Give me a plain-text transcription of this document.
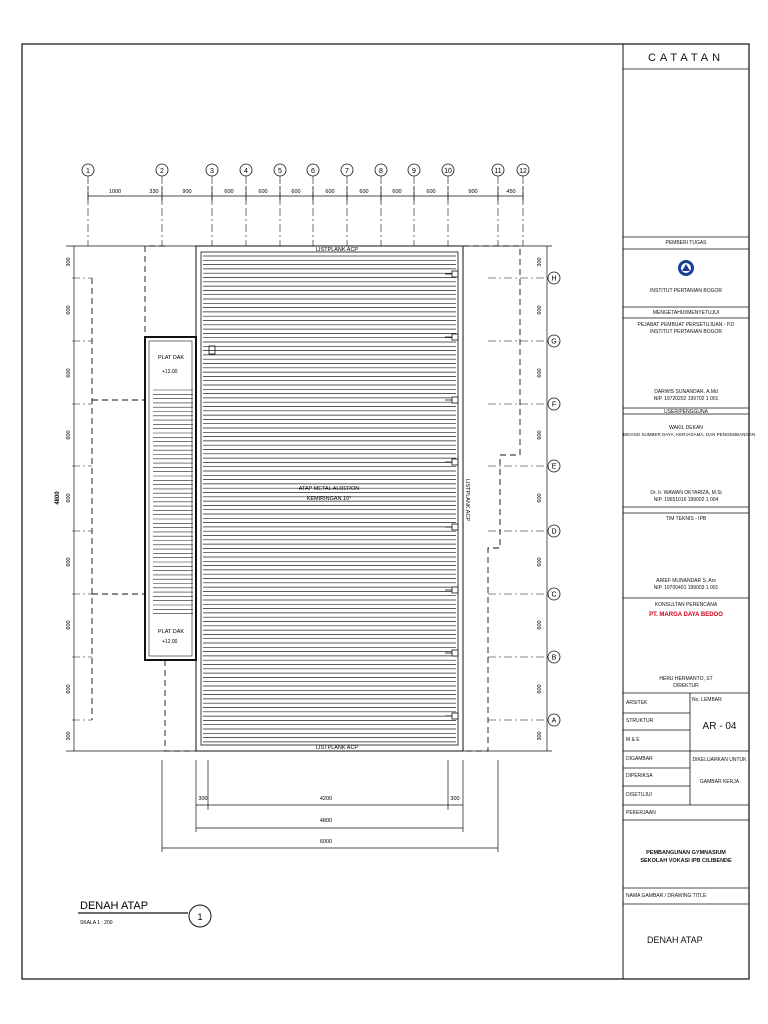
1	2	3	4	5	6	7	8	9	10	11 12
H
G
F
E
D
C
B
A
1000	330	900	600	600	600	600	600	600	600	900	450
300	300
600	600
600	600
600	600
600	600
600	600
600	600
600	600
300	300
300	4200	300
4800
6000
1
DENAH ATAP
SKALA 1 : 200
ATAP METAL ALDERON
KEMIRINGAN 10°
PLAT DAK
+12.00
PLAT DAK
+12.00
LISTPLANK ACP
LISTPLANK ACP
LISTPLANK ACP
4800
CATATAN
PEMBERI TUGAS
INSTITUT PERTANIAN BOGOR
MENGETAHUI/MENYETUJUI
PEJABAT PEMBUAT PERSETUJUAN - P.D
INSTITUT PERTANIAN BOGOR
DARWIS SUNANDAR, A.Md
NIP. 19720202 199702 1 001
USER/PENGGUNA
WAKIL DEKAN
BIDANG SUMBER DAYA, KERJASAMA, DAN PENGEMBANGAN
Dr. Ir. WAWAN OKTARIZA, M.Si
NIP. 19651016 199002 1 004
TIM TEKNIS - IPB
ARIEF MUNANDAR S, Ars
NIP. 19700401 199003 1 001
KONSULTAN PERENCANA
PT. MARGA DAYA BEDOO
HERU HERMANTO, ST
DIREKTUR
ARSITEK
STRUKTUR
M & E
No. LEMBAR
AR - 04
DIGAMBAR
DIPERIKSA
DISETUJUI
DIKELUARKAN UNTUK
GAMBAR KERJA
PEKERJAAN
PEMBANGUNAN GYMNASIUM
SEKOLAH VOKASI IPB CILIBENDE
NAMA GAMBAR / DRAWING TITLE
DENAH ATAP
